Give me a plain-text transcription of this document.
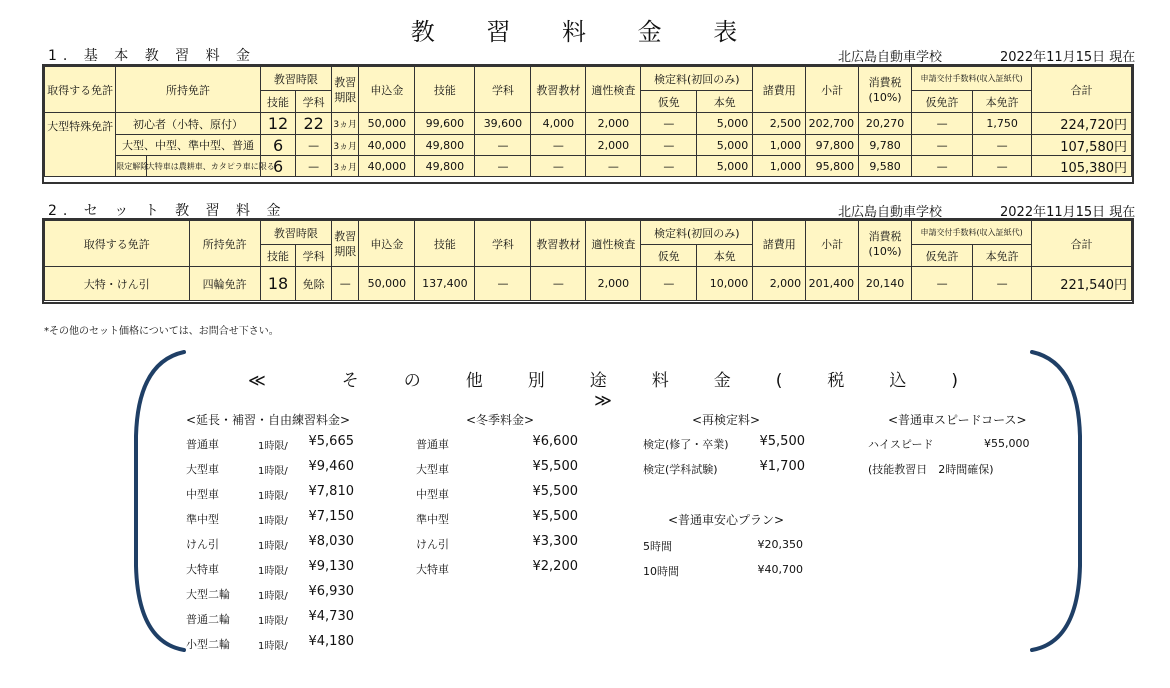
教 習 料 金 表
1. 基 本 教 習 料 金	北広島自動車学校	2022年11月15日 現在
取得する免許	所持免許		教習時限		教習期限	申込金	技能	学科	教習教材	適性検査	検定料(初回のみ)		諸費用	小計	消費税(10%)	申請交付手数料(収入証紙代)		合計
			技能	学科							仮免	本免				仮免許	本免許	
大型特殊免許	初心者（小特、原付）		12	22	3ヵ月	50,000	99,600	39,600	4,000	2,000	—	5,000	2,500	202,700	20,270	—	1,750	224,720円
	大型、中型、準中型、普通		6	—	3ヵ月	40,000	49,800	—	—	2,000	—	5,000	1,000	97,800	9,780	—	—	107,580円
	限定解除	大特車は農耕車、カタピラ車に限る	6	—	3ヵ月	40,000	49,800	—	—	—	—	5,000	1,000	95,800	9,580	—	—	105,380円
2. セ ッ ト 教 習 料 金	北広島自動車学校	2022年11月15日 現在
取得する免許	所持免許	教習時限		教習期限	申込金	技能	学科	教習教材	適性検査	検定料(初回のみ)		諸費用	小計	消費税(10%)	申請交付手数料(収入証紙代)		合計
		技能	学科							仮免	本免				仮免許	本免許	
大特・けん引	四輪免許	18	免除	—	50,000	137,400	—	—	2,000	—	10,000	2,000	201,400	20,140	—	—	221,540円
*その他のセット価格については、お問合せ下さい。
≪　　そ　の　他　別　途　料　金　(　税　込　)　　≫
<延長・補習・自由練習料金>
普通車	1時限/ ¥5,665
大型車	1時限/ ¥9,460
中型車	1時限/ ¥7,810
準中型	1時限/ ¥7,150
けん引	1時限/ ¥8,030
大特車	1時限/ ¥9,130
大型二輪	1時限/ ¥6,930
普通二輪	1時限/ ¥4,730
小型二輪	1時限/ ¥4,180
<冬季料金>
普通車	¥6,600
大型車	¥5,500
中型車	¥5,500
準中型	¥5,500
けん引	¥3,300
大特車	¥2,200
<再検定料>
検定(修了・卒業) ¥5,500
検定(学科試験)	¥1,700
<普通車安心プラン>
5時間	¥20,350
10時間	¥40,700
<普通車スピードコース>
ハイスピード	¥55,000
(技能教習日　2時間確保)
